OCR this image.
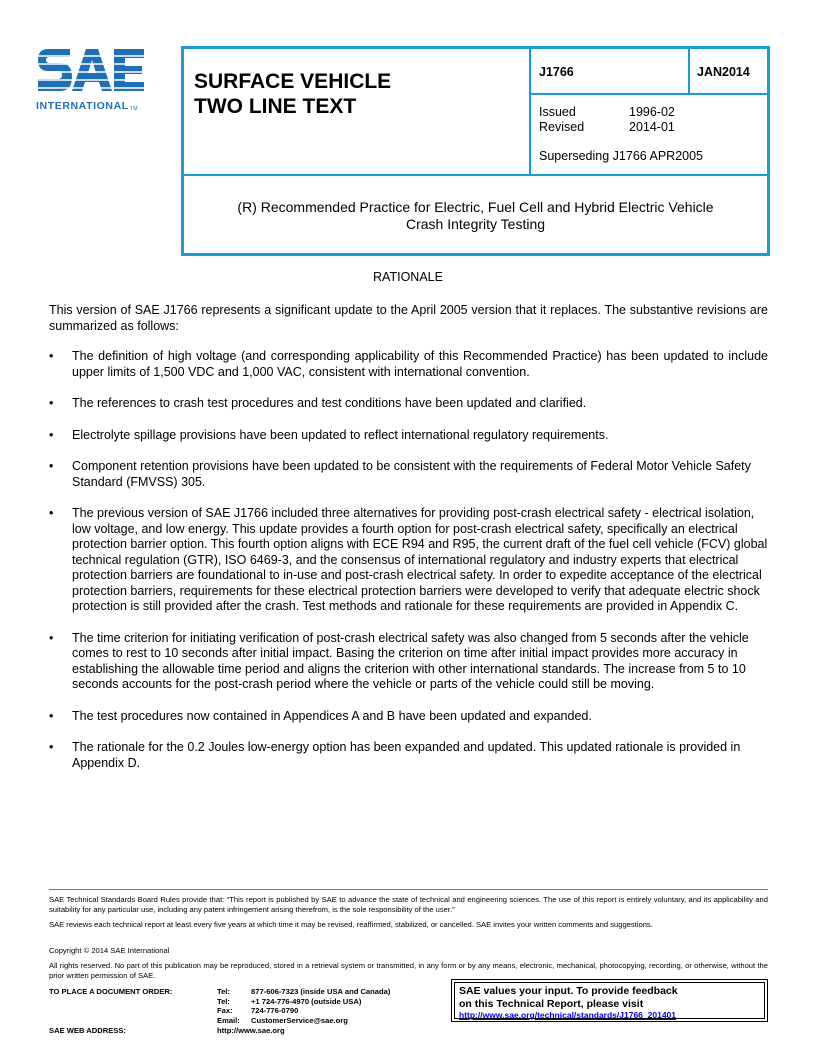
INTERNATIONALTM
SURFACE VEHICLE
TWO LINE TEXT
J1766	JAN2014
Issued	1996-02
Revised	2014-01
Superseding J1766 APR2005
(R) Recommended Practice for Electric, Fuel Cell and Hybrid Electric Vehicle
Crash Integrity Testing
RATIONALE
This version of SAE J1766 represents a significant update to the April 2005 version that it replaces. The substantive revisions are summarized as follows:
• The definition of high voltage (and corresponding applicability of this Recommended Practice) has been updated to include upper limits of 1,500 VDC and 1,000 VAC, consistent with international convention.
• The references to crash test procedures and test conditions have been updated and clarified.
• Electrolyte spillage provisions have been updated to reflect international regulatory requirements.
• Component retention provisions have been updated to be consistent with the requirements of Federal Motor Vehicle Safety Standard (FMVSS) 305.
• The previous version of SAE J1766 included three alternatives for providing post-crash electrical safety - electrical isolation, low voltage, and low energy. This update provides a fourth option for post-crash electrical safety, specifically an electrical protection barrier option. This fourth option aligns with ECE R94 and R95, the current draft of the fuel cell vehicle (FCV) global technical regulation (GTR), ISO 6469-3, and the consensus of international regulatory and industry experts that electrical protection barriers are foundational to in-use and post-crash electrical safety. In order to expedite acceptance of the electrical protection barriers, requirements for these electrical protection barriers were developed to verify that adequate electric shock protection is still provided after the crash. Test methods and rationale for these requirements are provided in Appendix C.
• The time criterion for initiating verification of post-crash electrical safety was also changed from 5 seconds after the vehicle comes to rest to 10 seconds after initial impact. Basing the criterion on time after initial impact provides more accuracy in establishing the allowable time period and aligns the criterion with other international standards. The increase from 5 to 10 seconds accounts for the post-crash period where the vehicle or parts of the vehicle could still be moving.
• The test procedures now contained in Appendices A and B have been updated and expanded.
• The rationale for the 0.2 Joules low-energy option has been expanded and updated. This updated rationale is provided in Appendix D.
SAE Technical Standards Board Rules provide that: “This report is published by SAE to advance the state of technical and engineering sciences. The use of this report is entirely voluntary, and its applicability and suitability for any particular use, including any patent infringement arising therefrom, is the sole responsibility of the user.”
SAE reviews each technical report at least every five years at which time it may be revised, reaffirmed, stabilized, or cancelled. SAE invites your written comments and suggestions.
Copyright © 2014 SAE International
All rights reserved. No part of this publication may be reproduced, stored in a retrieval system or transmitted, in any form or by any means, electronic, mechanical, photocopying, recording, or otherwise, without the prior written permission of SAE.
TO PLACE A DOCUMENT ORDER:	Tel:	877-606-7323 (inside USA and Canada)
Tel:	+1 724-776-4970 (outside USA)
Fax: 724-776-0790
Email: CustomerService@sae.org
SAE WEB ADDRESS:	http://www.sae.org
SAE values your input. To provide feedback
on this Technical Report, please visit
http://www.sae.org/technical/standards/J1766_201401
